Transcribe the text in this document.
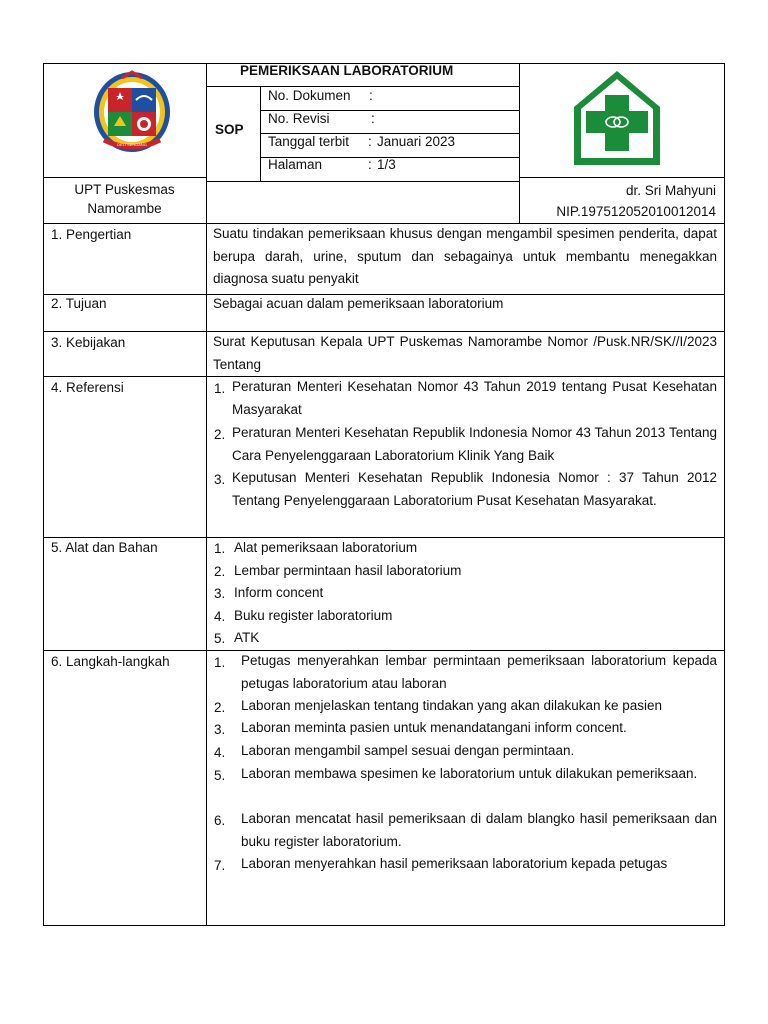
DELI SERDANG
PEMERIKSAAN LABORATORIUM
SOP
No. Dokumen :
No. Revisi	:
Tanggal terbit : Januari 2023
Halaman	: 1/3
UPT Puskesmas
Namorambe
dr. Sri Mahyuni
NIP.197512052010012014
1. Pengertian	Suatu tindakan pemeriksaan khusus dengan mengambil spesimen penderita, dapat berupa darah, urine, sputum dan sebagainya untuk membantu menegakkan diagnosa suatu penyakit
2. Tujuan	Sebagai acuan dalam pemeriksaan laboratorium
3. Kebijakan	Surat Keputusan Kepala UPT Puskemas Namorambe Nomor /Pusk.NR/SK//I/2023 Tentang
4. Referensi	1. Peraturan Menteri Kesehatan Nomor 43 Tahun 2019 tentang Pusat Kesehatan Masyarakat
2. Peraturan Menteri Kesehatan Republik Indonesia Nomor 43 Tahun 2013 Tentang Cara Penyelenggaraan Laboratorium Klinik Yang Baik
3. Keputusan Menteri Kesehatan Republik Indonesia Nomor : 37 Tahun 2012 Tentang Penyelenggaraan Laboratorium Pusat Kesehatan Masyarakat.
5. Alat dan Bahan	1. Alat pemeriksaan laboratorium
2. Lembar permintaan hasil laboratorium
3. Inform concent
4. Buku register laboratorium
5. ATK
6. Langkah-langkah	1. Petugas menyerahkan lembar permintaan pemeriksaan laboratorium kepada petugas laboratorium atau laboran
2. Laboran menjelaskan tentang tindakan yang akan dilakukan ke pasien
3. Laboran meminta pasien untuk menandatangani inform concent.
4. Laboran mengambil sampel sesuai dengan permintaan.
5. Laboran membawa spesimen ke laboratorium untuk dilakukan pemeriksaan.
6. Laboran mencatat hasil pemeriksaan di dalam blangko hasil pemeriksaan dan buku register laboratorium.
7. Laboran menyerahkan hasil pemeriksaan laboratorium kepada petugas
